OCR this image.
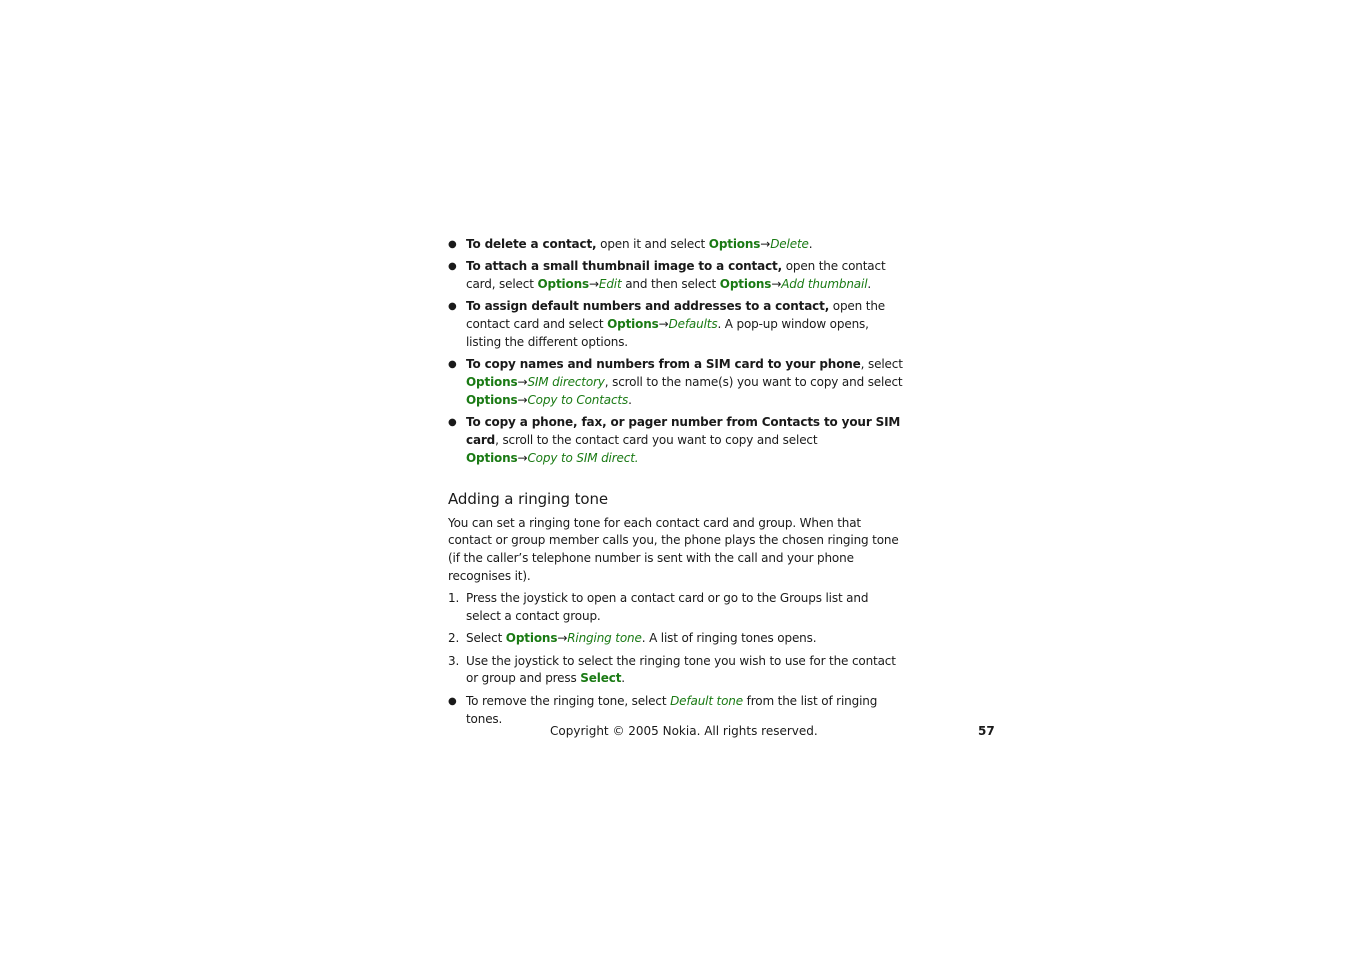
● To delete a contact, open it and select Options→Delete.
● To attach a small thumbnail image to a contact, open the contact card, select Options→Edit and then select Options→Add thumbnail.
● To assign default numbers and addresses to a contact, open the contact card and select Options→Defaults. A pop-up window opens, listing the different options.
● To copy names and numbers from a SIM card to your phone, select Options→SIM directory, scroll to the name(s) you want to copy and select Options→Copy to Contacts.
● To copy a phone, fax, or pager number from Contacts to your SIM card, scroll to the contact card you want to copy and select Options→Copy to SIM direct.
Adding a ringing tone

You can set a ringing tone for each contact card and group. When that contact or group member calls you, the phone plays the chosen ringing tone (if the caller’s telephone number is sent with the call and your phone recognises it).

1. Press the joystick to open a contact card or go to the Groups list and select a contact group.
2. Select Options→Ringing tone. A list of ringing tones opens.
3. Use the joystick to select the ringing tone you wish to use for the contact or group and press Select.
● To remove the ringing tone, select Default tone from the list of ringing tones.
Copyright © 2005 Nokia. All rights reserved.	57
